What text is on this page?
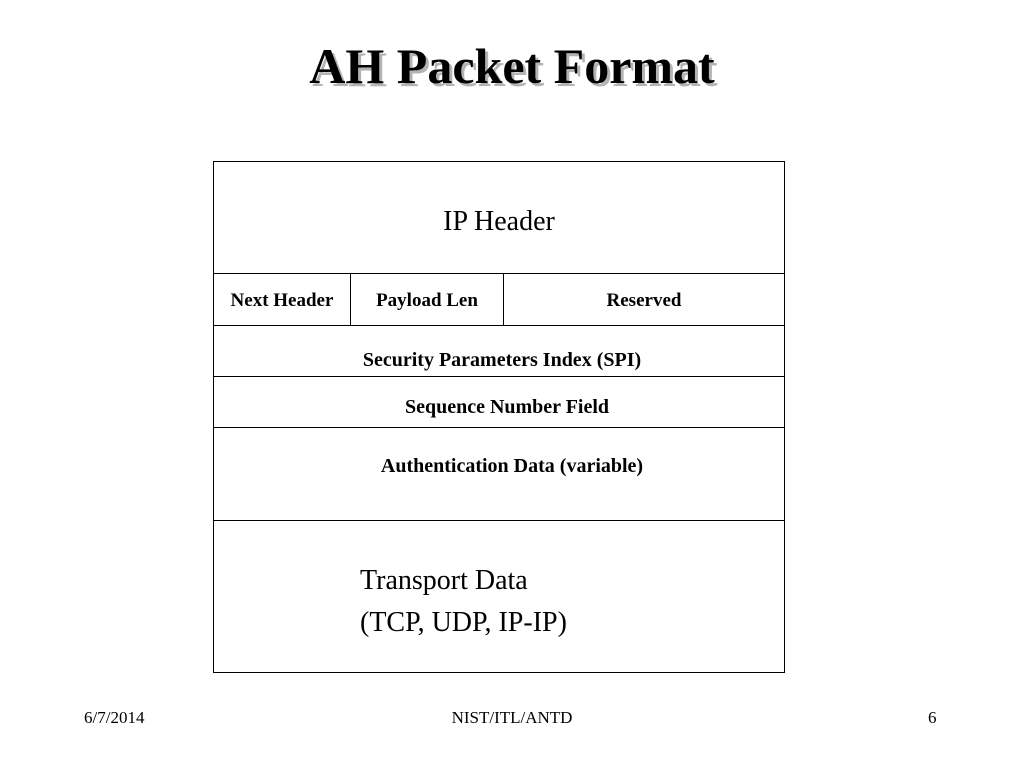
AH Packet Format
IP Header
Next Header	Payload Len	Reserved
Security Parameters Index (SPI)
Sequence Number Field
Authentication Data (variable)
Transport Data
(TCP, UDP, IP-IP)
6/7/2014	NIST/ITL/ANTD	6
